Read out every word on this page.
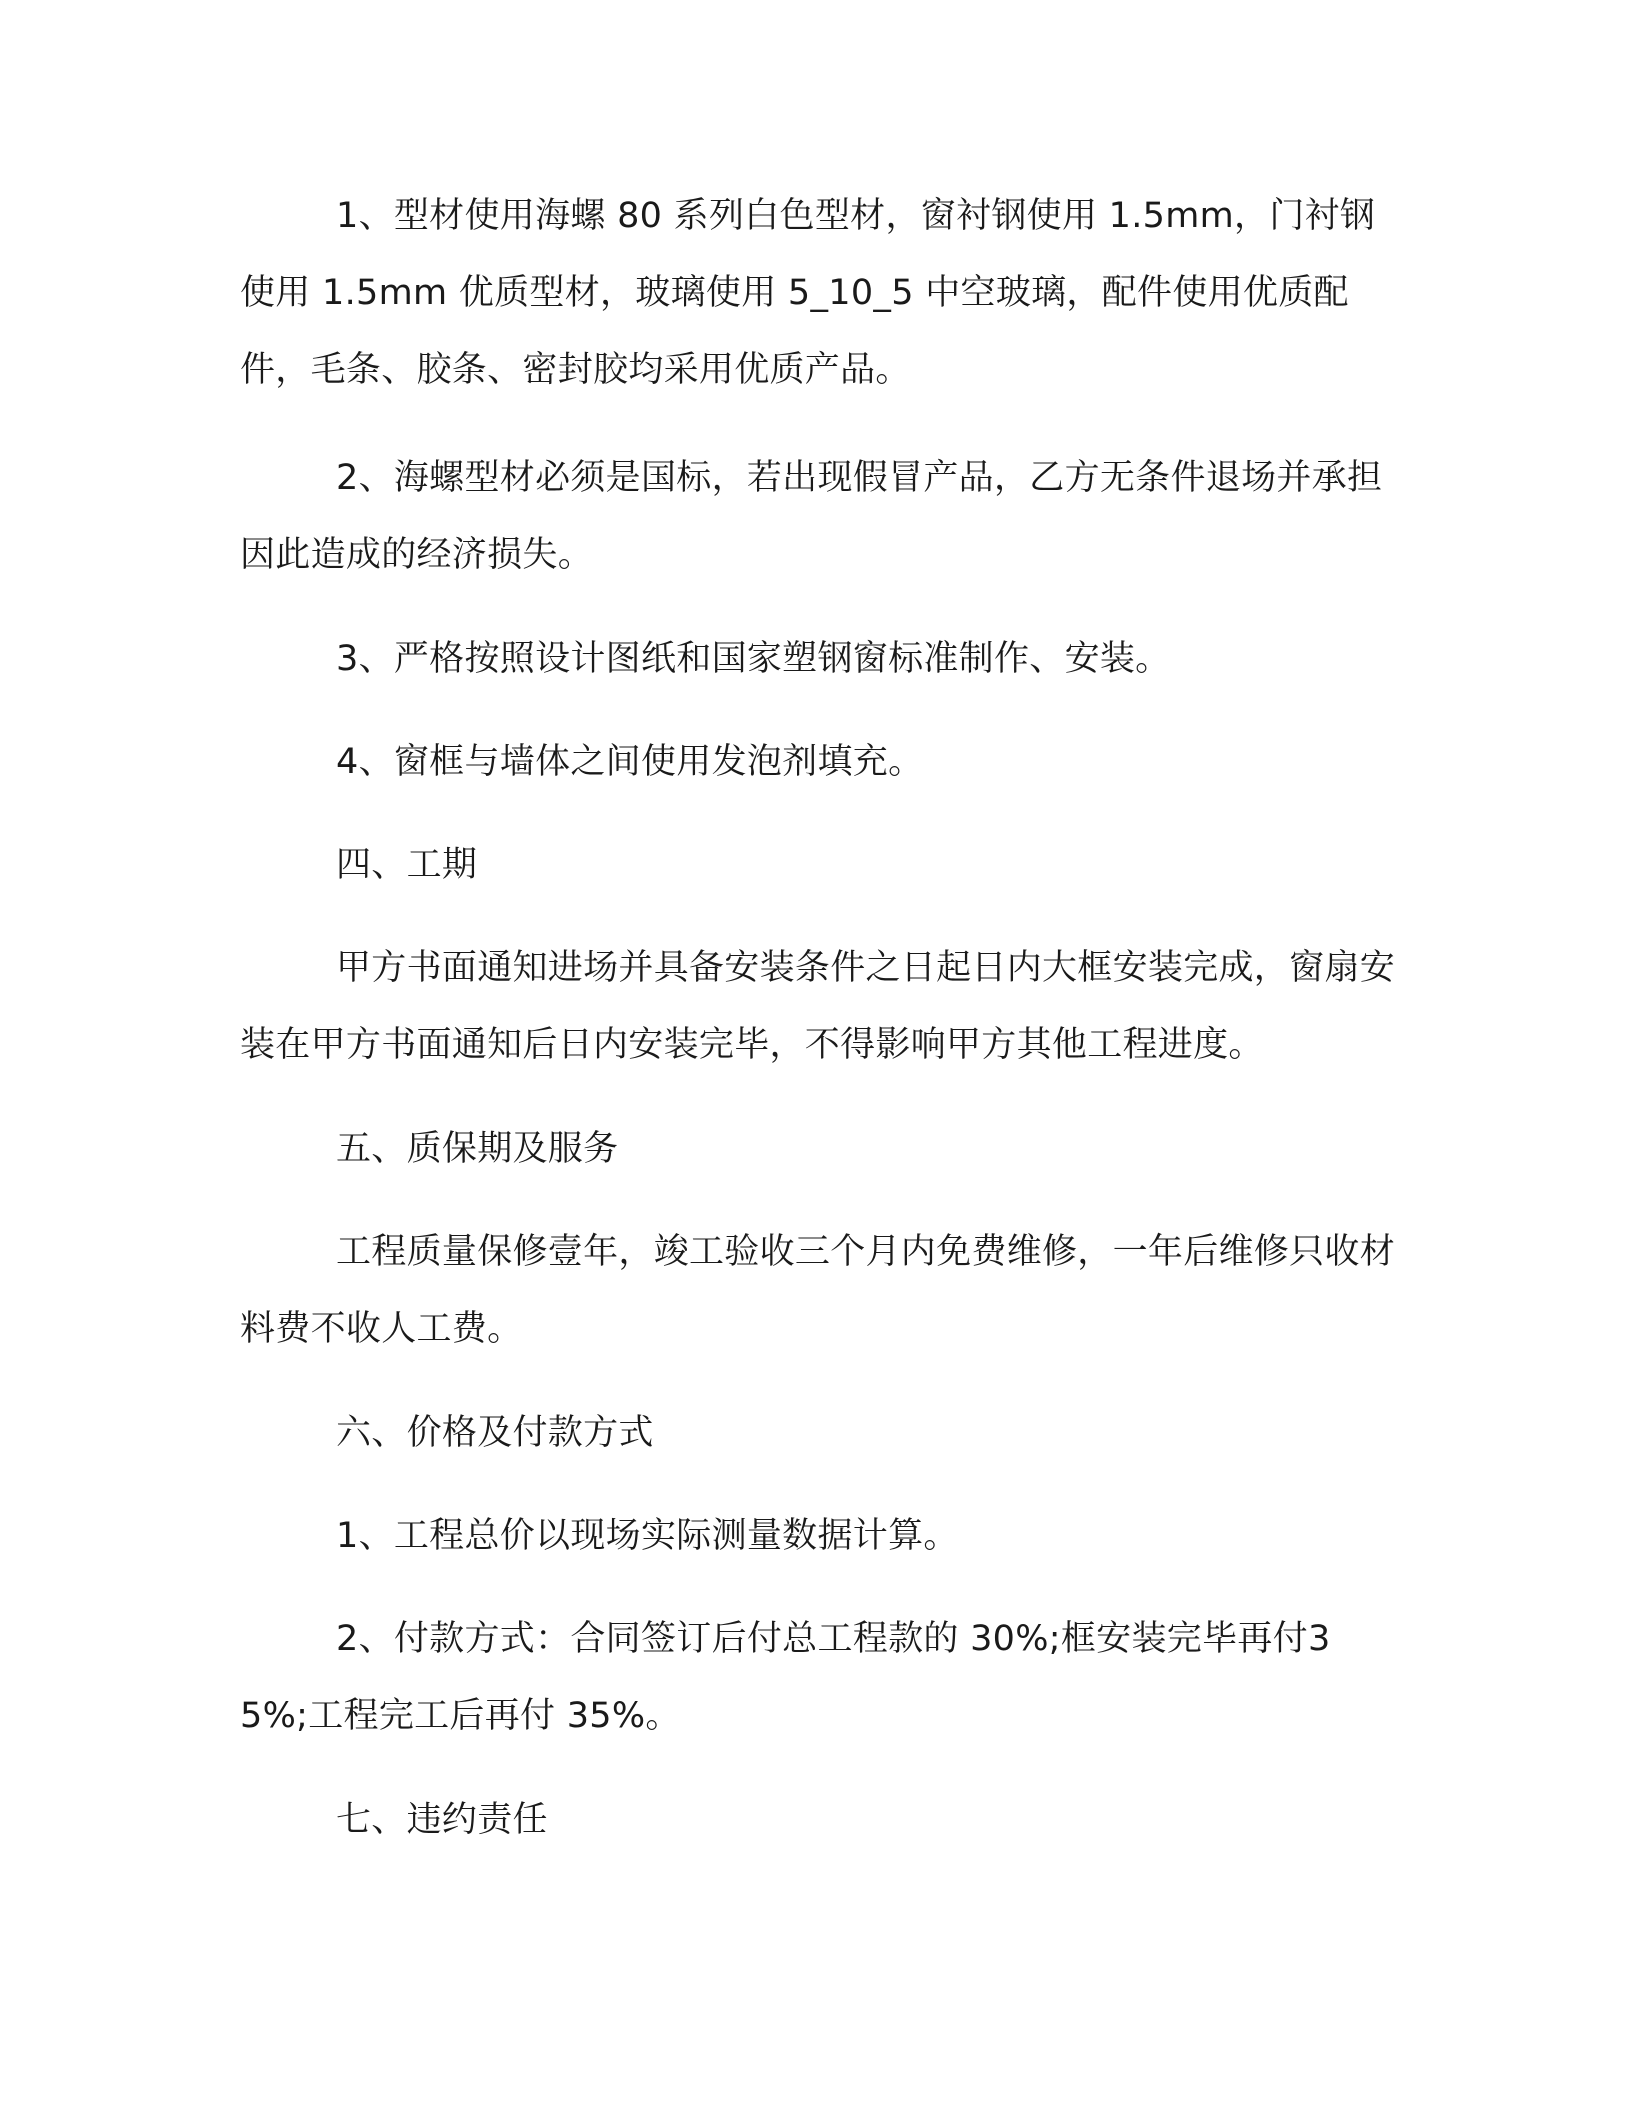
1、型材使用海螺 80 系列白色型材，窗衬钢使用 1.5mm，门衬钢使用 1.5mm 优质型材，玻璃使用 5_10_5 中空玻璃，配件使用优质配件，毛条、胶条、密封胶均采用优质产品。

2、海螺型材必须是国标，若出现假冒产品，乙方无条件退场并承担因此造成的经济损失。

3、严格按照设计图纸和国家塑钢窗标准制作、安装。

4、窗框与墙体之间使用发泡剂填充。

四、工期

甲方书面通知进场并具备安装条件之日起日内大框安装完成，窗扇安装在甲方书面通知后日内安装完毕，不得影响甲方其他工程进度。

五、质保期及服务

工程质量保修壹年，竣工验收三个月内免费维修，一年后维修只收材料费不收人工费。

六、价格及付款方式

1、工程总价以现场实际测量数据计算。

2、付款方式：合同签订后付总工程款的 30%;框安装完毕再付35%;工程完工后再付 35%。

七、违约责任
